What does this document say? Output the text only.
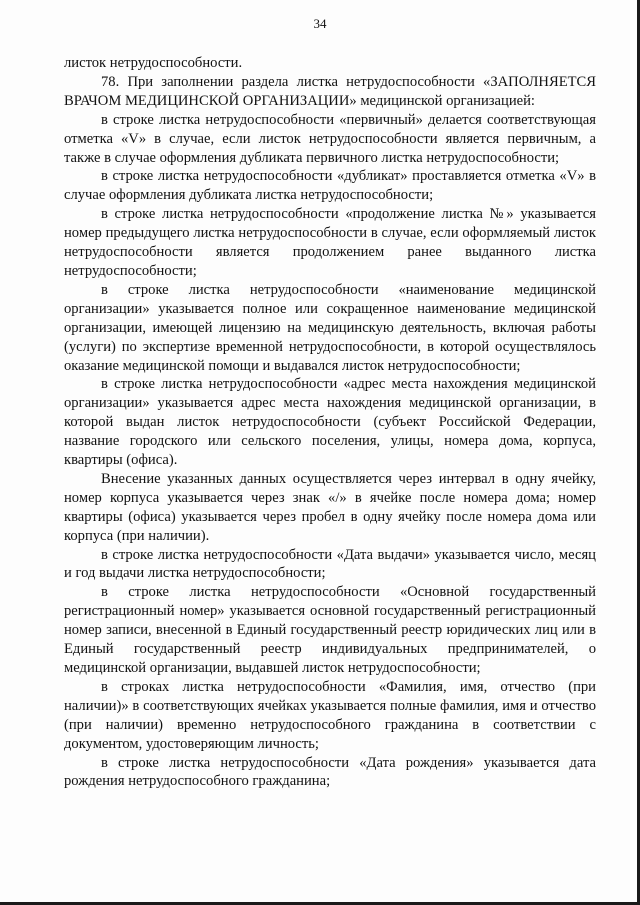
34

листок нетрудоспособности.

78. При заполнении раздела листка нетрудоспособности «ЗАПОЛНЯЕТСЯ ВРАЧОМ МЕДИЦИНСКОЙ ОРГАНИЗАЦИИ» медицинской организацией:

в строке листка нетрудоспособности «первичный» делается соответствующая отметка «V» в случае, если листок нетрудоспособности является первичным, а также в случае оформления дубликата первичного листка нетрудоспособности;

в строке листка нетрудоспособности «дубликат» проставляется отметка «V» в случае оформления дубликата листка нетрудоспособности;

в строке листка нетрудоспособности «продолжение листка №» указывается номер предыдущего листка нетрудоспособности в случае, если оформляемый листок нетрудоспособности является продолжением ранее выданного листка нетрудоспособности;

в строке листка нетрудоспособности «наименование медицинской организации» указывается полное или сокращенное наименование медицинской организации, имеющей лицензию на медицинскую деятельность, включая работы (услуги) по экспертизе временной нетрудоспособности, в которой осуществлялось оказание медицинской помощи и выдавался листок нетрудоспособности;

в строке листка нетрудоспособности «адрес места нахождения медицинской организации» указывается адрес места нахождения медицинской организации, в которой выдан листок нетрудоспособности (субъект Российской Федерации, название городского или сельского поселения, улицы, номера дома, корпуса, квартиры (офиса).

Внесение указанных данных осуществляется через интервал в одну ячейку, номер корпуса указывается через знак «/» в ячейке после номера дома; номер квартиры (офиса) указывается через пробел в одну ячейку после номера дома или корпуса (при наличии).

в строке листка нетрудоспособности «Дата выдачи» указывается число, месяц и год выдачи листка нетрудоспособности;

в строке листка нетрудоспособности «Основной государственный регистрационный номер» указывается основной государственный регистрационный номер записи, внесенной в Единый государственный реестр юридических лиц или в Единый государственный реестр индивидуальных предпринимателей, о медицинской организации, выдавшей листок нетрудоспособности;

в строках листка нетрудоспособности «Фамилия, имя, отчество (при наличии)» в соответствующих ячейках указывается полные фамилия, имя и отчество (при наличии) временно нетрудоспособного гражданина в соответствии с документом, удостоверяющим личность;

в строке листка нетрудоспособности «Дата рождения» указывается дата рождения нетрудоспособного гражданина;
